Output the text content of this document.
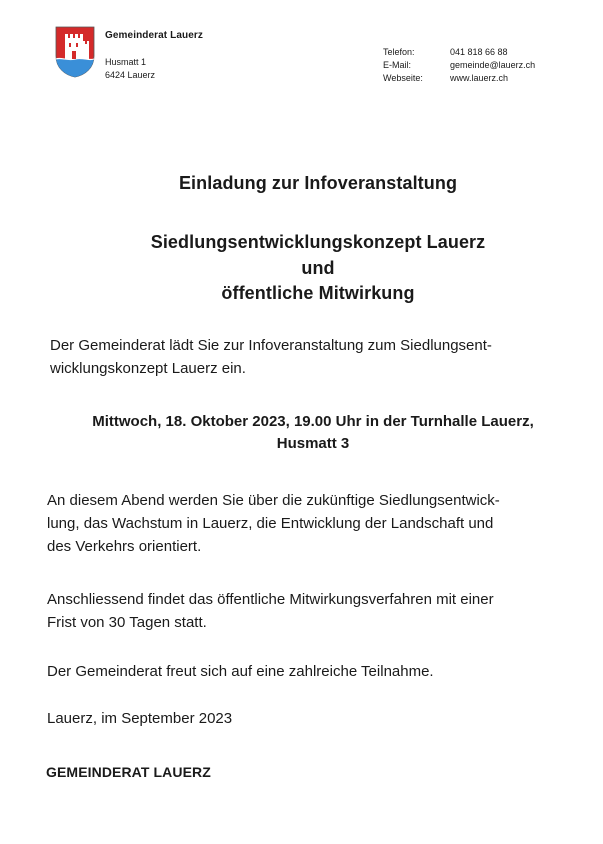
Gemeinderat Lauerz
Husmatt 1
6424 Lauerz
Telefon:	041 818 66 88
E-Mail:	gemeinde@lauerz.ch
Webseite:	www.lauerz.ch
Einladung zur Infoveranstaltung
Siedlungsentwicklungskonzept Lauerz
und
öffentliche Mitwirkung
Der Gemeinderat lädt Sie zur Infoveranstaltung zum Siedlungsent-
wicklungskonzept Lauerz ein.
Mittwoch, 18. Oktober 2023, 19.00 Uhr in der Turnhalle Lauerz,
Husmatt 3
An diesem Abend werden Sie über die zukünftige Siedlungsentwick-
lung, das Wachstum in Lauerz, die Entwicklung der Landschaft und
des Verkehrs orientiert.
Anschliessend findet das öffentliche Mitwirkungsverfahren mit einer
Frist von 30 Tagen statt.
Der Gemeinderat freut sich auf eine zahlreiche Teilnahme.
Lauerz, im September 2023
GEMEINDERAT LAUERZ
